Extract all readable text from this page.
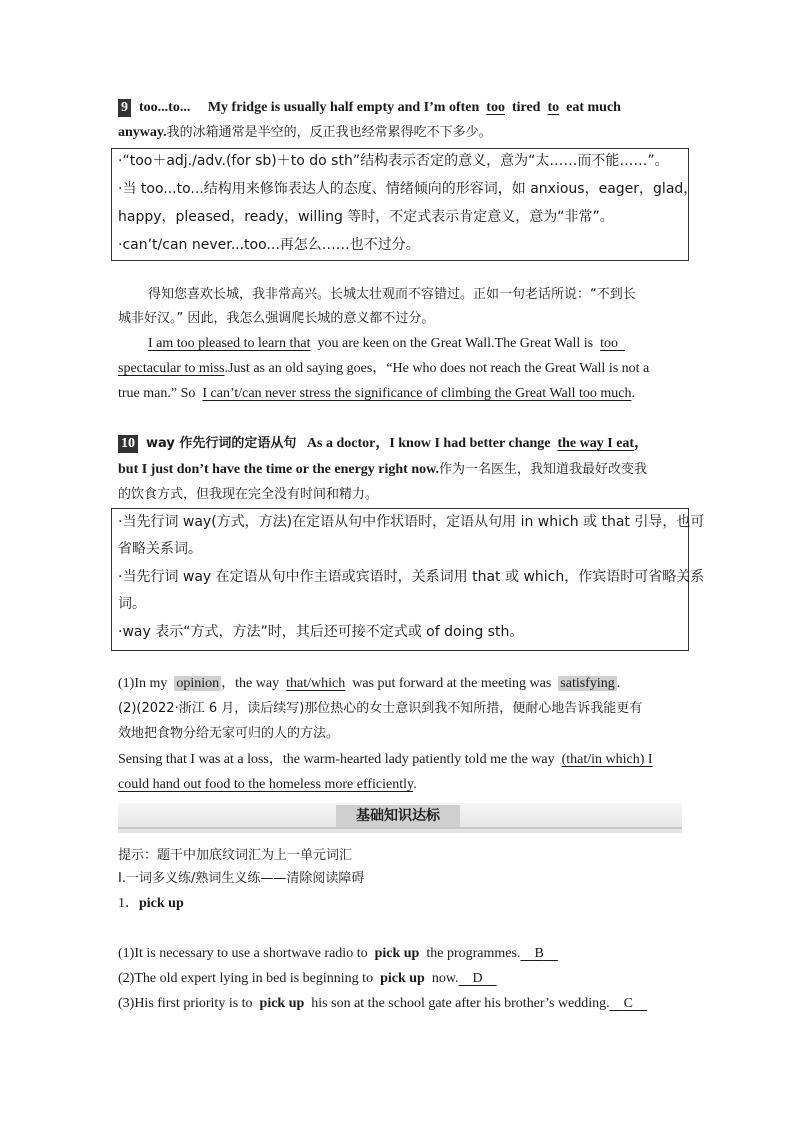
9 too...to... My fridge is usually half empty and I’m often too tired to eat much
anyway.我的冰箱通常是半空的，反正我也经常累得吃不下多少。
·“too＋adj./adv.(for sb)＋to do sth”结构表示否定的意义，意为“太……而不能……”。
·当 too...to...结构用来修饰表达人的态度、情绪倾向的形容词，如 anxious，eager，glad，
happy，pleased，ready，willing 等时，不定式表示肯定意义，意为“非常”。
·can’t/can never...too...再怎么……也不过分。
得知您喜欢长城，我非常高兴。长城太壮观而不容错过。正如一句老话所说：“不到长
城非好汉。” 因此，我怎么强调爬长城的意义都不过分。
I am too pleased to learn that you are keen on the Great Wall.The Great Wall is too
spectacular to miss.Just as an old saying goes，“He who does not reach the Great Wall is not a
true man.” So I can’t/can never stress the significance of climbing the Great Wall too much.
10 way 作先行词的定语从句 As a doctor，I know I had better change the way I eat，
but I just don’t have the time or the energy right now.作为一名医生，我知道我最好改变我
的饮食方式，但我现在完全没有时间和精力。
·当先行词 way(方式，方法)在定语从句中作状语时，定语从句用 in which 或 that 引导，也可
省略关系词。
·当先行词 way 在定语从句中作主语或宾语时，关系词用 that 或 which，作宾语时可省略关系
词。
·way 表示“方式，方法”时，其后还可接不定式或 of doing sth。
(1)In my opinion ，the way that/which was put forward at the meeting was satisfying .
(2)(2022·浙江 6 月，读后续写)那位热心的女士意识到我不知所措，便耐心地告诉我能更有
效地把食物分给无家可归的人的方法。
Sensing that I was at a loss，the warm-hearted lady patiently told me the way (that/in which) I
could hand out food to the homeless more efficiently.
基础知识达标
提示：题干中加底纹词汇为上一单元词汇
Ⅰ.一词多义练/熟词生义练——清除阅读障碍
1．pick up
(1)It is necessary to use a shortwave radio to pick up the programmes. B
(2)The old expert lying in bed is beginning to pick up now. D
(3)His first priority is to pick up his son at the school gate after his brother’s wedding. C
